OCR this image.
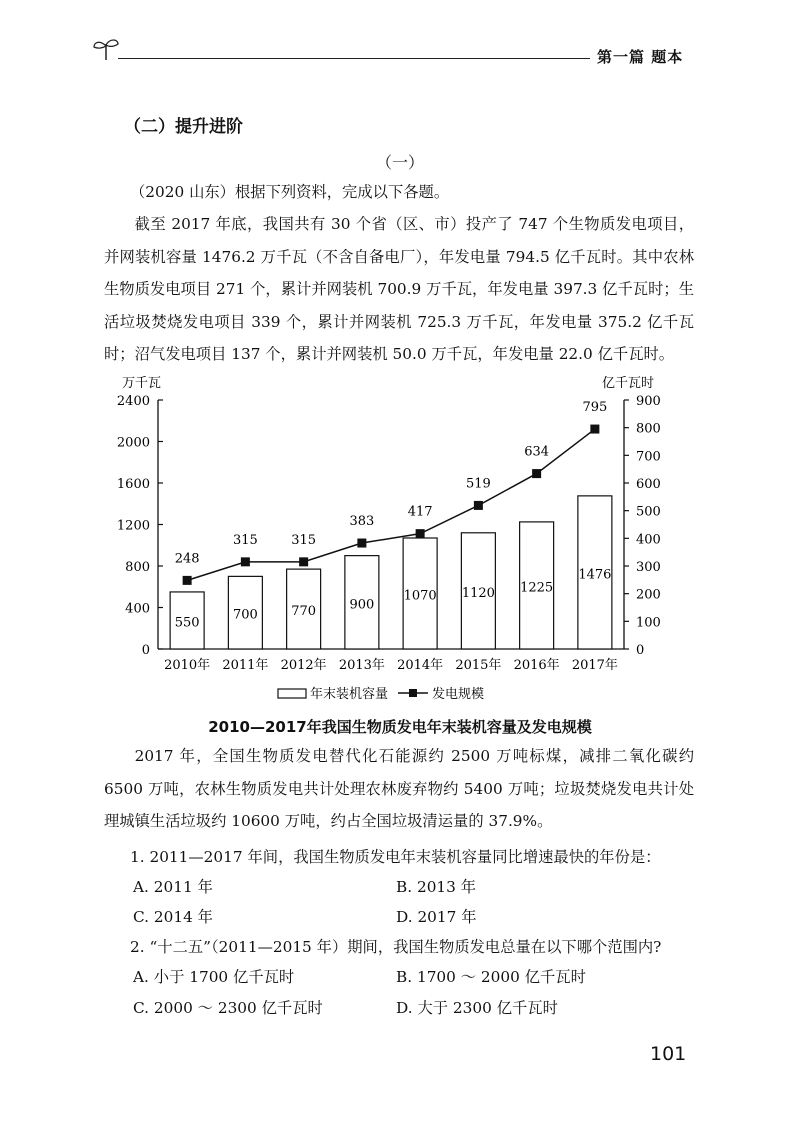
第一篇 题本
（二）提升进阶
（一）
（2020 山东）根据下列资料，完成以下各题。
截至 2017 年底，我国共有 30 个省（区、市）投产了 747 个生物质发电项目，并网装机容量 1476.2 万千瓦（不含自备电厂），年发电量 794.5 亿千瓦时。其中农林生物质发电项目 271 个，累计并网装机 700.9 万千瓦，年发电量 397.3 亿千瓦时；生活垃圾焚烧发电项目 339 个，累计并网装机 725.3 万千瓦，年发电量 375.2 亿千瓦时；沼气发电项目 137 个，累计并网装机 50.0 万千瓦，年发电量 22.0 亿千瓦时。
万千瓦	亿千瓦时
0
400
800
1200
1600
2000
2400
0
100
200
300
400
500
600
700
800
900
550
2010年
700
2011年
770
2012年
900
2013年
1070
2014年
1120
2015年
1225
2016年
1476
2017年
248
315	315
383
417
519
634
795
年末装机容量	发电规模
2010—2017年我国生物质发电年末装机容量及发电规模
2017 年，全国生物质发电替代化石能源约 2500 万吨标煤，减排二氧化碳约 6500 万吨，农林生物质发电共计处理农林废弃物约 5400 万吨；垃圾焚烧发电共计处理城镇生活垃圾约 10600 万吨，约占全国垃圾清运量的 37.9%。
1. 2011—2017 年间，我国生物质发电年末装机容量同比增速最快的年份是：
A. 2011 年	B. 2013 年
C. 2014 年	D. 2017 年
2. “十二五”（2011—2015 年）期间，我国生物质发电总量在以下哪个范围内?
A. 小于 1700 亿千瓦时	B. 1700 ～ 2000 亿千瓦时
C. 2000 ～ 2300 亿千瓦时	D. 大于 2300 亿千瓦时
101
